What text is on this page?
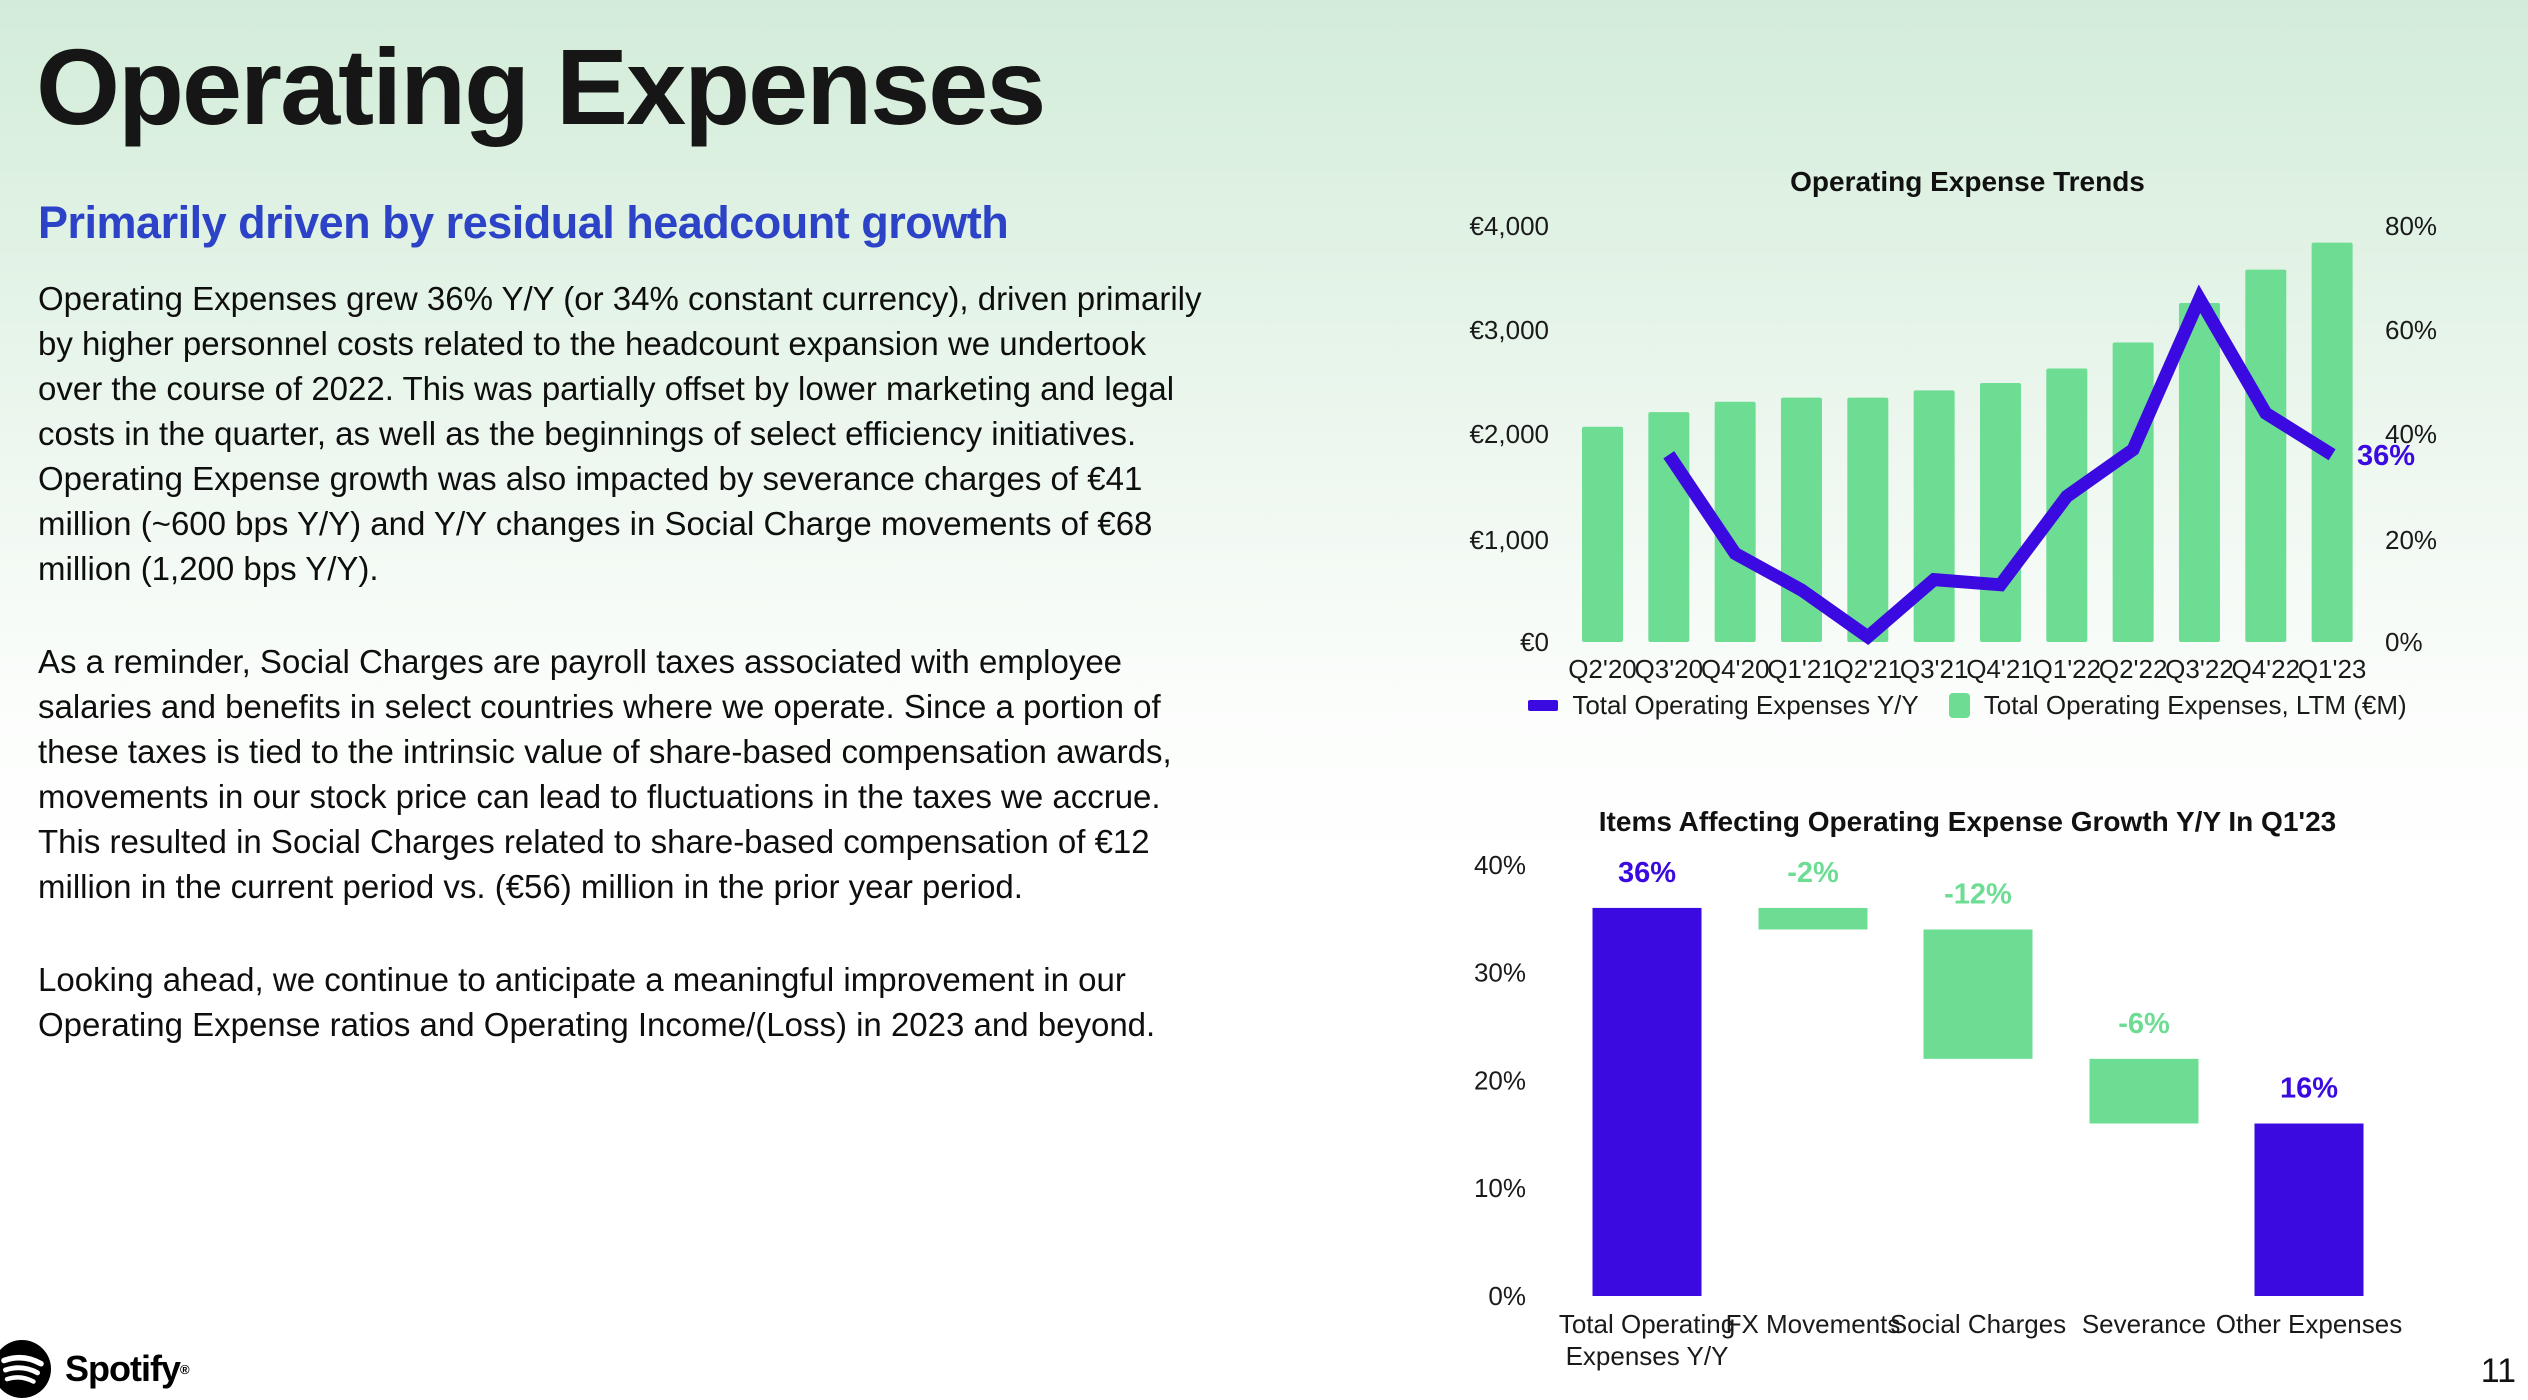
Operating Expenses
Primarily driven by residual headcount growth

Operating Expenses grew 36% Y/Y (or 34% constant currency), driven primarily by higher personnel costs related to the headcount expansion we undertook over the course of 2022. This was partially offset by lower marketing and legal costs in the quarter, as well as the beginnings of select efficiency initiatives. Operating Expense growth was also impacted by severance charges of €41 million (~600 bps Y/Y) and Y/Y changes in Social Charge movements of €68 million (1,200 bps Y/Y).

As a reminder, Social Charges are payroll taxes associated with employee salaries and benefits in select countries where we operate. Since a portion of these taxes is tied to the intrinsic value of share-based compensation awards, movements in our stock price can lead to fluctuations in the taxes we accrue. This resulted in Social Charges related to share-based compensation of €12 million in the current period vs. (€56) million in the prior year period.

Looking ahead, we continue to anticipate a meaningful improvement in our Operating Expense ratios and Operating Income/(Loss) in 2023 and beyond.

Operating Expense Trends
€4,000
€3,000
€2,000
€1,000
€0
80%
60%
40%
20%
0%
Q2'20
Q3'20
Q4'20
Q1'21
Q2'21
Q3'21
Q4'21
Q1'22
Q2'22
Q3'22
Q4'22
Q1'23
36%
Total Operating Expenses Y/Y	Total Operating Expenses, LTM (€M)
Items Affecting Operating Expense Growth Y/Y In Q1'23
40%
30%
20%
10%
0%
36%	-2%
-12%
-6%
16%
Total Operating
Expenses Y/Y
FX Movements
Social Charges Severance Other Expenses
Spotify ®	11
